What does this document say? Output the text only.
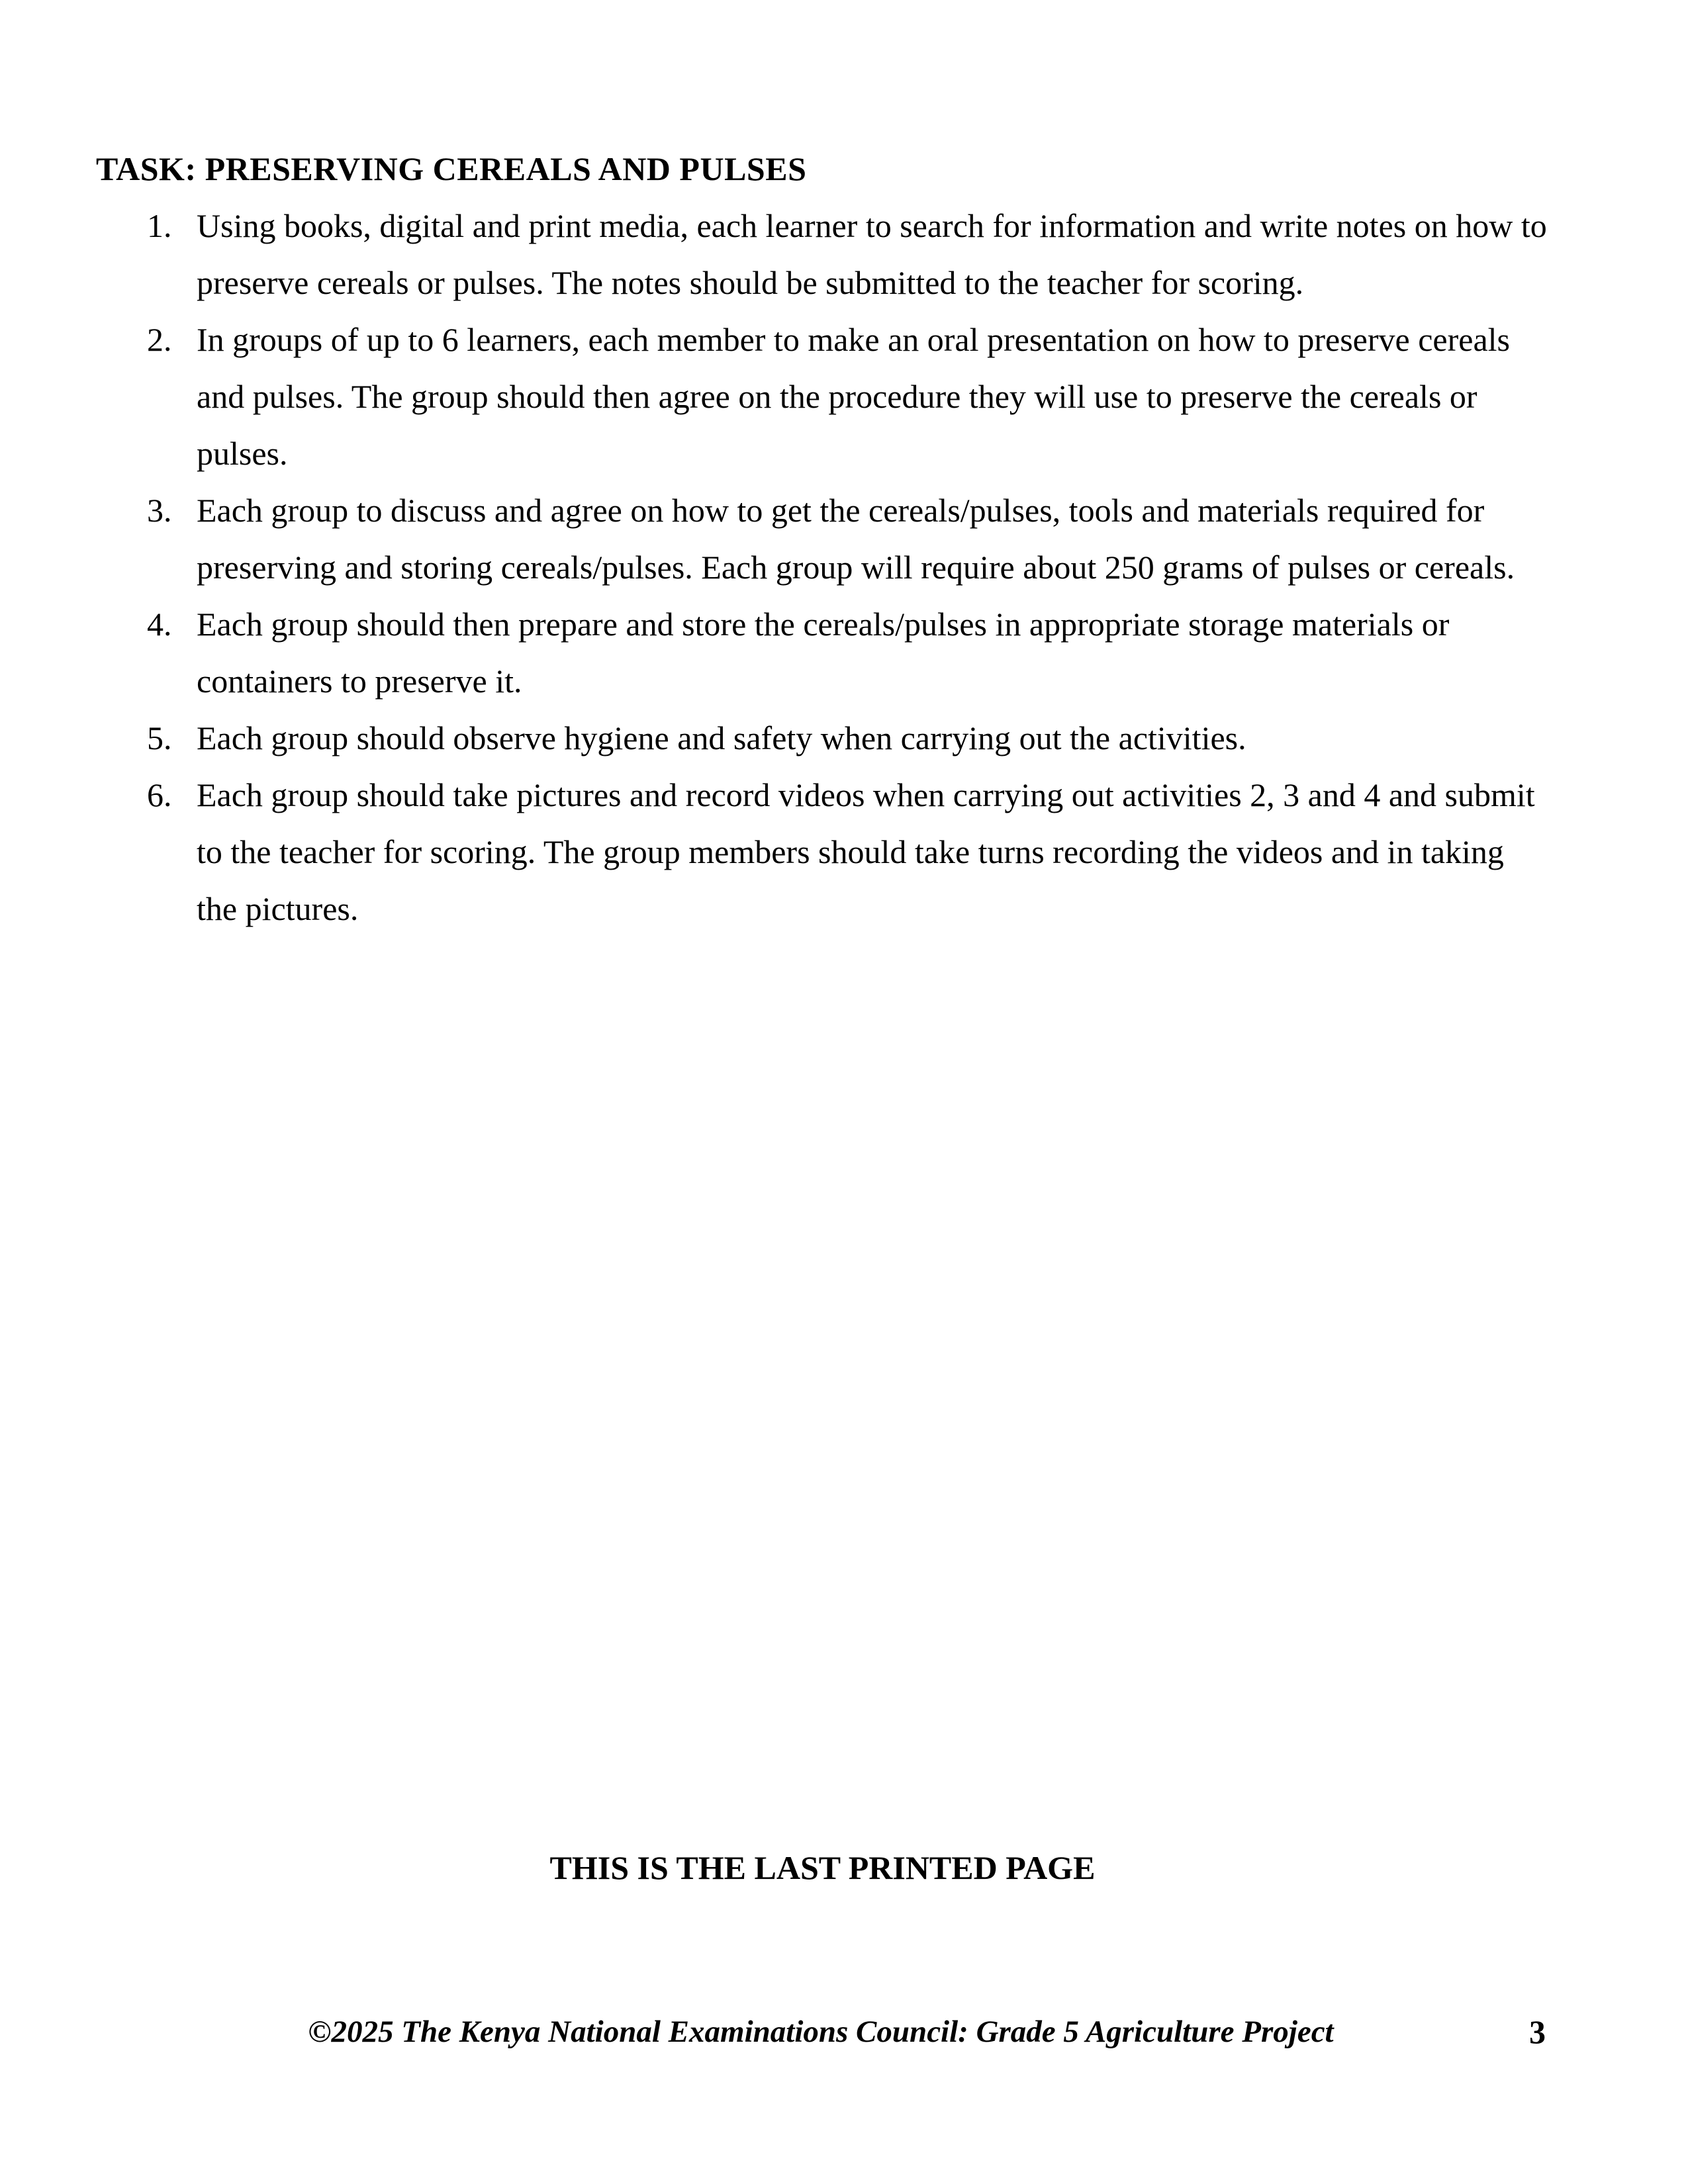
TASK: PRESERVING CEREALS AND PULSES
1. Using books, digital and print media, each learner to search for information and write notes on how to preserve cereals or pulses. The notes should be submitted to the teacher for scoring.
2. In groups of up to 6 learners, each member to make an oral presentation on how to preserve cereals and pulses. The group should then agree on the procedure they will use to preserve the cereals or pulses.
3. Each group to discuss and agree on how to get the cereals/pulses, tools and materials required for preserving and storing cereals/pulses. Each group will require about 250 grams of pulses or cereals.
4. Each group should then prepare and store the cereals/pulses in appropriate storage materials or containers to preserve it.
5. Each group should observe hygiene and safety when carrying out the activities.
6. Each group should take pictures and record videos when carrying out activities 2, 3 and 4 and submit to the teacher for scoring. The group members should take turns recording the videos and in taking the pictures.
THIS IS THE LAST PRINTED PAGE
©2025 The Kenya National Examinations Council: Grade 5 Agriculture Project	3
